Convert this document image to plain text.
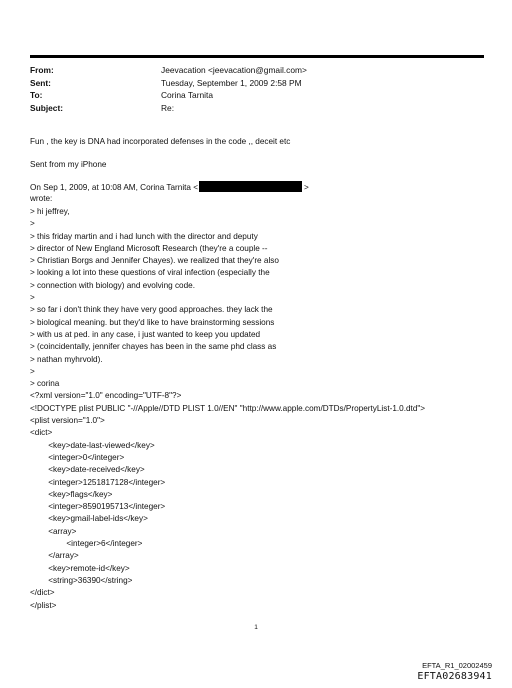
From:	Jeevacation <jeevacation@gmail.com>
Sent:	Tuesday, September 1, 2009 2:58 PM
To:	Corina Tarnita
Subject:	Re:
Fun , the key is DNA had incorporated defenses in the code ,, deceit etc
Sent from my iPhone
On Sep 1, 2009, at 10:08 AM, Corina Tarnita <	>
wrote:
> hi jeffrey,
>
> this friday martin and i had lunch with the director and deputy
> director of New England Microsoft Research (they're a couple --
> Christian Borgs and Jennifer Chayes). we realized that they're also
> looking a lot into these questions of viral infection (especially the
> connection with biology) and evolving code.
>
> so far i don't think they have very good approaches. they lack the
> biological meaning. but they'd like to have brainstorming sessions
> with us at ped. in any case, i just wanted to keep you updated
> (coincidentally, jennifer chayes has been in the same phd class as
> nathan myhrvold).
>
> corina
<?xml version="1.0" encoding="UTF-8"?>
<!DOCTYPE plist PUBLIC "-//Apple//DTD PLIST 1.0//EN" "http://www.apple.com/DTDs/PropertyList-1.0.dtd">
<plist version="1.0">
<dict>
<key>date-last-viewed</key>
<integer>0</integer>
<key>date-received</key>
<integer>1251817128</integer>
<key>flags</key>
<integer>8590195713</integer>
<key>gmail-label-ids</key>
<array>
<integer>6</integer>
</array>
<key>remote-id</key>
<string>36390</string>
</dict>
</plist>
1
EFTA_R1_02002459
EFTA02683941
